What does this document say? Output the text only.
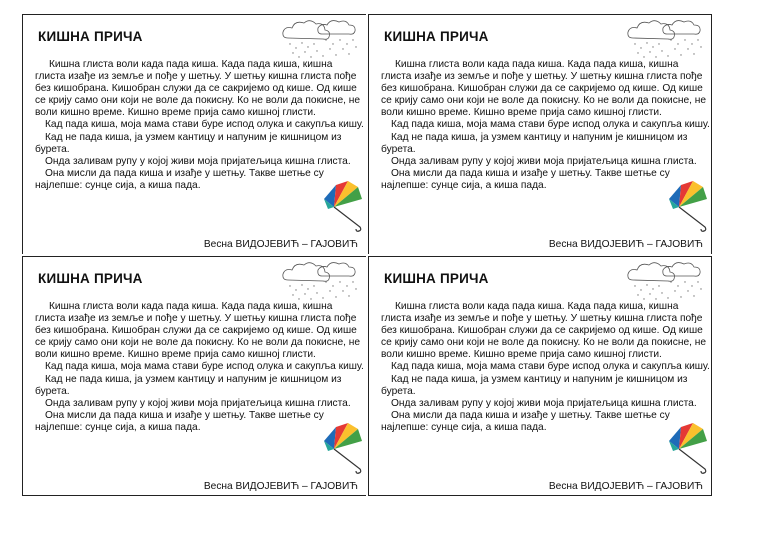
КИШНА ПРИЧА

Кишна глиста воли када пада киша. Када пада киша, кишна глиста изађе из земље и пође у шетњу. У шетњу кишна глиста пође без кишобрана. Кишобран служи да се сакријемо од кише. Од кише се крију само они који не воле да покисну. Ко не воли да покисне, не воли кишно време. Кишно време прија само кишној глисти.

Кад пада киша, моја мама стави буре испод олука и сакупља кишу.

Кад не пада киша, ја узмем кантицу и напуним је кишницом из бурета.

Онда заливам рупу у којој живи моја пријатељица кишна глиста.

Она мисли да пада киша и изађе у шетњу. Такве шетње су најлепше: сунце сија, а киша пада.

Весна ВИДОЈЕВИЋ – ГАЈОВИЋ
КИШНА ПРИЧА

Кишна глиста воли када пада киша. Када пада киша, кишна глиста изађе из земље и пође у шетњу. У шетњу кишна глиста пође без кишобрана. Кишобран служи да се сакријемо од кише. Од кише се крију само они који не воле да покисну. Ко не воли да покисне, не воли кишно време. Кишно време прија само кишној глисти.

Кад пада киша, моја мама стави буре испод олука и сакупља кишу.

Кад не пада киша, ја узмем кантицу и напуним је кишницом из бурета.

Онда заливам рупу у којој живи моја пријатељица кишна глиста.

Она мисли да пада киша и изађе у шетњу. Такве шетње су најлепше: сунце сија, а киша пада.

Весна ВИДОЈЕВИЋ – ГАЈОВИЋ
КИШНА ПРИЧА

Кишна глиста воли када пада киша. Када пада киша, кишна глиста изађе из земље и пође у шетњу. У шетњу кишна глиста пође без кишобрана. Кишобран служи да се сакријемо од кише. Од кише се крију само они који не воле да покисну. Ко не воли да покисне, не воли кишно време. Кишно време прија само кишној глисти.

Кад пада киша, моја мама стави буре испод олука и сакупља кишу.

Кад не пада киша, ја узмем кантицу и напуним је кишницом из бурета.

Онда заливам рупу у којој живи моја пријатељица кишна глиста.

Она мисли да пада киша и изађе у шетњу. Такве шетње су најлепше: сунце сија, а киша пада.

Весна ВИДОЈЕВИЋ – ГАЈОВИЋ
КИШНА ПРИЧА

Кишна глиста воли када пада киша. Када пада киша, кишна глиста изађе из земље и пође у шетњу. У шетњу кишна глиста пође без кишобрана. Кишобран служи да се сакријемо од кише. Од кише се крију само они који не воле да покисну. Ко не воли да покисне, не воли кишно време. Кишно време прија само кишној глисти.

Кад пада киша, моја мама стави буре испод олука и сакупља кишу.

Кад не пада киша, ја узмем кантицу и напуним је кишницом из бурета.

Онда заливам рупу у којој живи моја пријатељица кишна глиста.

Она мисли да пада киша и изађе у шетњу. Такве шетње су најлепше: сунце сија, а киша пада.

Весна ВИДОЈЕВИЋ – ГАЈОВИЋ
